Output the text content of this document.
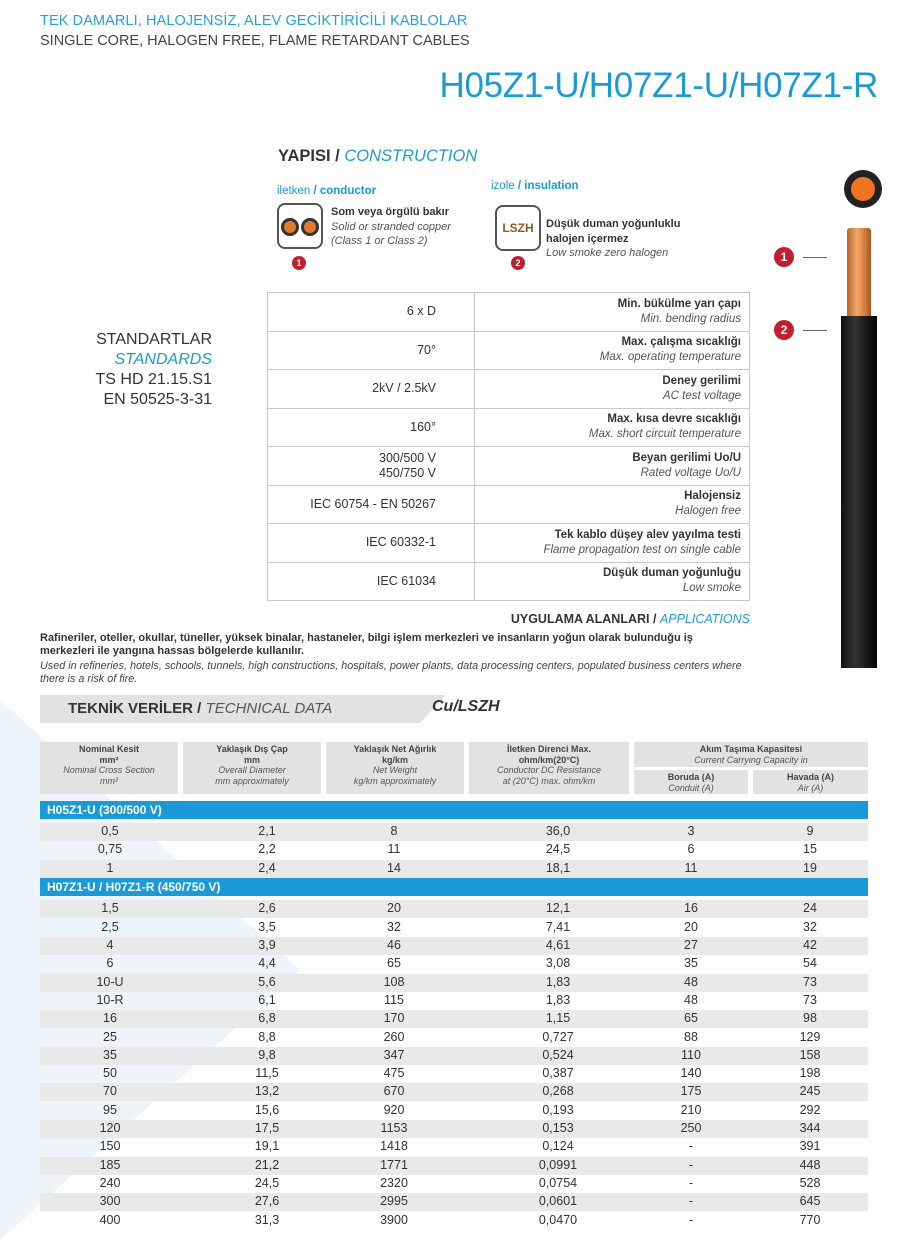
TEK DAMARLI, HALOJENSİZ, ALEV GECİKTİRİCİLİ KABLOLAR
SINGLE CORE, HALOGEN FREE, FLAME RETARDANT CABLES
H05Z1-U/H07Z1-U/H07Z1-R
YAPISI / CONSTRUCTION
iletken / conductor
Som veya örgülü bakır
Solid or stranded copper
(Class 1 or Class 2)
1
izole / insulation
LSZH	Düşük duman yoğunluklu
halojen içermez
Low smoke zero halogen
2
STANDARTLAR
STANDARDS
TS HD 21.15.S1
EN 50525-3-31
6 x D	Min. bükülme yarı çapı
Min. bending radius

70°	Max. çalışma sıcaklığı
Max. operating temperature

2kV / 2.5kV	Deney gerilimi
AC test voltage

160°	Max. kısa devre sıcaklığı
Max. short circuit temperature

300/500 V
450/750 V	Beyan gerilimi Uo/U
Rated voltage Uo/U

IEC 60754 - EN 50267	Halojensiz
Halogen free

IEC 60332-1	Tek kablo düşey alev yayılma testi
Flame propagation test on single cable

IEC 61034	Düşük duman yoğunluğu
Low smoke
1
2
UYGULAMA ALANLARI / APPLICATIONS
Rafineriler, oteller, okullar, tüneller, yüksek binalar, hastaneler, bilgi işlem merkezleri ve insanların yoğun olarak bulunduğu iş merkezleri ile yangına hassas bölgelerde kullanılır.
Used in refineries, hotels, schools, tunnels, high constructions, hospitals, power plants, data processing centers, populated business centers where there is a risk of fire.
TEKNİK VERİLER / TECHNICAL DATA	Cu/LSZH
Nominal Kesit
mm²
Nominal Cross Section
mm²
Yaklaşık Dış Çap
mm
Overall Diameter
mm approximately
Yaklaşık Net Ağırlık
kg/km
Net Weight
kg/km approximately
İletken Direnci Max.
ohm/km(20°C)
Conductor DC Resistance
at (20°C) max. ohm/km
Akım Taşıma Kapasitesi
Current Carrying Capacity in
Boruda (A)
Conduit (A)
Havada (A)
Air (A)
H05Z1-U (300/500 V)
0,5	2,1	8	36,0	3	9
0,75	2,2	11	24,5	6	15
1	2,4	14	18,1	11	19
H07Z1-U / H07Z1-R (450/750 V)
1,5	2,6	20	12,1	16	24
2,5	3,5	32	7,41	20	32
4	3,9	46	4,61	27	42
6	4,4	65	3,08	35	54
10-U	5,6	108	1,83	48	73
10-R	6,1	115	1,83	48	73
16	6,8	170	1,15	65	98
25	8,8	260	0,727	88	129
35	9,8	347	0,524	110	158
50	11,5	475	0,387	140	198
70	13,2	670	0,268	175	245
95	15,6	920	0,193	210	292
120	17,5	1153	0,153	250	344
150	19,1	1418	0,124	-	391
185	21,2	1771	0,0991	-	448
240	24,5	2320	0,0754	-	528
300	27,6	2995	0,0601	-	645
400	31,3	3900	0,0470	-	770
